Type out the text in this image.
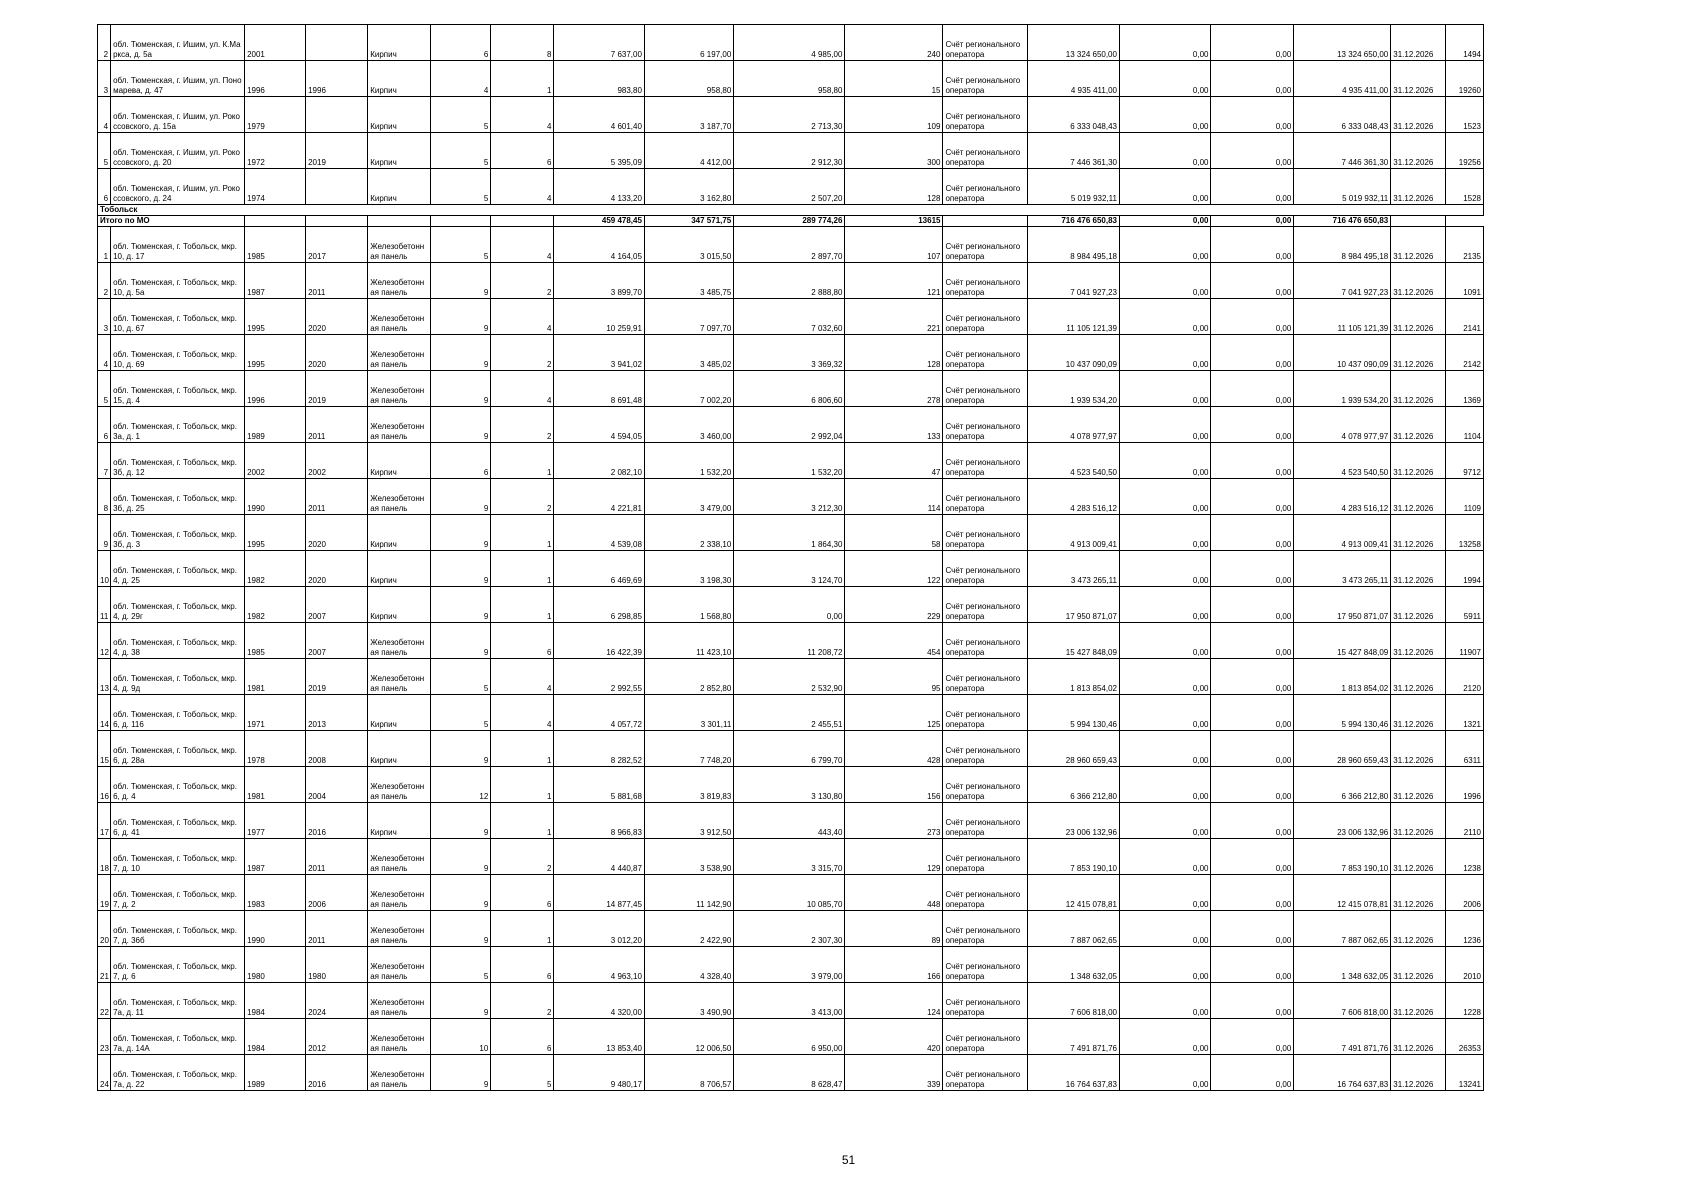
2	обл. Тюменская, г. Ишим, ул. К.Маркса, д. 5а	2001		Кирпич	6	8	7 637,00	6 197,00	4 985,00	240	Счёт регионального оператора	13 324 650,00	0,00	0,00	13 324 650,00	31.12.2026	1494
3	обл. Тюменская, г. Ишим, ул. Пономарева, д. 47	1996	1996	Кирпич	4	1	983,80	958,80	958,80	15	Счёт регионального оператора	4 935 411,00	0,00	0,00	4 935 411,00	31.12.2026	19260
4	обл. Тюменская, г. Ишим, ул. Рокоссовского, д. 15а	1979		Кирпич	5	4	4 601,40	3 187,70	2 713,30	109	Счёт регионального оператора	6 333 048,43	0,00	0,00	6 333 048,43	31.12.2026	1523
5	обл. Тюменская, г. Ишим, ул. Рокоссовского, д. 20	1972	2019	Кирпич	5	6	5 395,09	4 412,00	2 912,30	300	Счёт регионального оператора	7 446 361,30	0,00	0,00	7 446 361,30	31.12.2026	19256
6	обл. Тюменская, г. Ишим, ул. Рокоссовского, д. 24	1974		Кирпич	5	4	4 133,20	3 162,80	2 507,20	128	Счёт регионального оператора	5 019 932,11	0,00	0,00	5 019 932,11	31.12.2026	1528
Тобольск																	
Итого по МО							459 478,45	347 571,75	289 774,26	13615		716 476 650,83	0,00	0,00	716 476 650,83		
1	обл. Тюменская, г. Тобольск, мкр. 10, д. 17	1985	2017	Железобетонная панель	5	4	4 164,05	3 015,50	2 897,70	107	Счёт регионального оператора	8 984 495,18	0,00	0,00	8 984 495,18	31.12.2026	2135
2	обл. Тюменская, г. Тобольск, мкр. 10, д. 5а	1987	2011	Железобетонная панель	9	2	3 899,70	3 485,75	2 888,80	121	Счёт регионального оператора	7 041 927,23	0,00	0,00	7 041 927,23	31.12.2026	1091
3	обл. Тюменская, г. Тобольск, мкр. 10, д. 67	1995	2020	Железобетонная панель	9	4	10 259,91	7 097,70	7 032,60	221	Счёт регионального оператора	11 105 121,39	0,00	0,00	11 105 121,39	31.12.2026	2141
4	обл. Тюменская, г. Тобольск, мкр. 10, д. 69	1995	2020	Железобетонная панель	9	2	3 941,02	3 485,02	3 369,32	128	Счёт регионального оператора	10 437 090,09	0,00	0,00	10 437 090,09	31.12.2026	2142
5	обл. Тюменская, г. Тобольск, мкр. 15, д. 4	1996	2019	Железобетонная панель	9	4	8 691,48	7 002,20	6 806,60	278	Счёт регионального оператора	1 939 534,20	0,00	0,00	1 939 534,20	31.12.2026	1369
6	обл. Тюменская, г. Тобольск, мкр. 3а, д. 1	1989	2011	Железобетонная панель	9	2	4 594,05	3 460,00	2 992,04	133	Счёт регионального оператора	4 078 977,97	0,00	0,00	4 078 977,97	31.12.2026	1104
7	обл. Тюменская, г. Тобольск, мкр. 3б, д. 12	2002	2002	Кирпич	6	1	2 082,10	1 532,20	1 532,20	47	Счёт регионального оператора	4 523 540,50	0,00	0,00	4 523 540,50	31.12.2026	9712
8	обл. Тюменская, г. Тобольск, мкр. 3б, д. 25	1990	2011	Железобетонная панель	9	2	4 221,81	3 479,00	3 212,30	114	Счёт регионального оператора	4 283 516,12	0,00	0,00	4 283 516,12	31.12.2026	1109
9	обл. Тюменская, г. Тобольск, мкр. 3б, д. 3	1995	2020	Кирпич	9	1	4 539,08	2 338,10	1 864,30	58	Счёт регионального оператора	4 913 009,41	0,00	0,00	4 913 009,41	31.12.2026	13258
10	обл. Тюменская, г. Тобольск, мкр. 4, д. 25	1982	2020	Кирпич	9	1	6 469,69	3 198,30	3 124,70	122	Счёт регионального оператора	3 473 265,11	0,00	0,00	3 473 265,11	31.12.2026	1994
11	обл. Тюменская, г. Тобольск, мкр. 4, д. 29г	1982	2007	Кирпич	9	1	6 298,85	1 568,80	0,00	229	Счёт регионального оператора	17 950 871,07	0,00	0,00	17 950 871,07	31.12.2026	5911
12	обл. Тюменская, г. Тобольск, мкр. 4, д. 38	1985	2007	Железобетонная панель	9	6	16 422,39	11 423,10	11 208,72	454	Счёт регионального оператора	15 427 848,09	0,00	0,00	15 427 848,09	31.12.2026	11907
13	обл. Тюменская, г. Тобольск, мкр. 4, д. 9д	1981	2019	Железобетонная панель	5	4	2 992,55	2 852,80	2 532,90	95	Счёт регионального оператора	1 813 854,02	0,00	0,00	1 813 854,02	31.12.2026	2120
14	обл. Тюменская, г. Тобольск, мкр. 6, д. 116	1971	2013	Кирпич	5	4	4 057,72	3 301,11	2 455,51	125	Счёт регионального оператора	5 994 130,46	0,00	0,00	5 994 130,46	31.12.2026	1321
15	обл. Тюменская, г. Тобольск, мкр. 6, д. 28а	1978	2008	Кирпич	9	1	8 282,52	7 748,20	6 799,70	428	Счёт регионального оператора	28 960 659,43	0,00	0,00	28 960 659,43	31.12.2026	6311
16	обл. Тюменская, г. Тобольск, мкр. 6, д. 4	1981	2004	Железобетонная панель	12	1	5 881,68	3 819,83	3 130,80	156	Счёт регионального оператора	6 366 212,80	0,00	0,00	6 366 212,80	31.12.2026	1996
17	обл. Тюменская, г. Тобольск, мкр. 6, д. 41	1977	2016	Кирпич	9	1	8 966,83	3 912,50	443,40	273	Счёт регионального оператора	23 006 132,96	0,00	0,00	23 006 132,96	31.12.2026	2110
18	обл. Тюменская, г. Тобольск, мкр. 7, д. 10	1987	2011	Железобетонная панель	9	2	4 440,87	3 538,90	3 315,70	129	Счёт регионального оператора	7 853 190,10	0,00	0,00	7 853 190,10	31.12.2026	1238
19	обл. Тюменская, г. Тобольск, мкр. 7, д. 2	1983	2006	Железобетонная панель	9	6	14 877,45	11 142,90	10 085,70	448	Счёт регионального оператора	12 415 078,81	0,00	0,00	12 415 078,81	31.12.2026	2006
20	обл. Тюменская, г. Тобольск, мкр. 7, д. 36б	1990	2011	Железобетонная панель	9	1	3 012,20	2 422,90	2 307,30	89	Счёт регионального оператора	7 887 062,65	0,00	0,00	7 887 062,65	31.12.2026	1236
21	обл. Тюменская, г. Тобольск, мкр. 7, д. 6	1980	1980	Железобетонная панель	5	6	4 963,10	4 328,40	3 979,00	166	Счёт регионального оператора	1 348 632,05	0,00	0,00	1 348 632,05	31.12.2026	2010
22	обл. Тюменская, г. Тобольск, мкр. 7а, д. 11	1984	2024	Железобетонная панель	9	2	4 320,00	3 490,90	3 413,00	124	Счёт регионального оператора	7 606 818,00	0,00	0,00	7 606 818,00	31.12.2026	1228
23	обл. Тюменская, г. Тобольск, мкр. 7а, д. 14А	1984	2012	Железобетонная панель	10	6	13 853,40	12 006,50	6 950,00	420	Счёт регионального оператора	7 491 871,76	0,00	0,00	7 491 871,76	31.12.2026	26353
24	обл. Тюменская, г. Тобольск, мкр. 7а, д. 22	1989	2016	Железобетонная панель	9	5	9 480,17	8 706,57	8 628,47	339	Счёт регионального оператора	16 764 637,83	0,00	0,00	16 764 637,83	31.12.2026	13241
51
